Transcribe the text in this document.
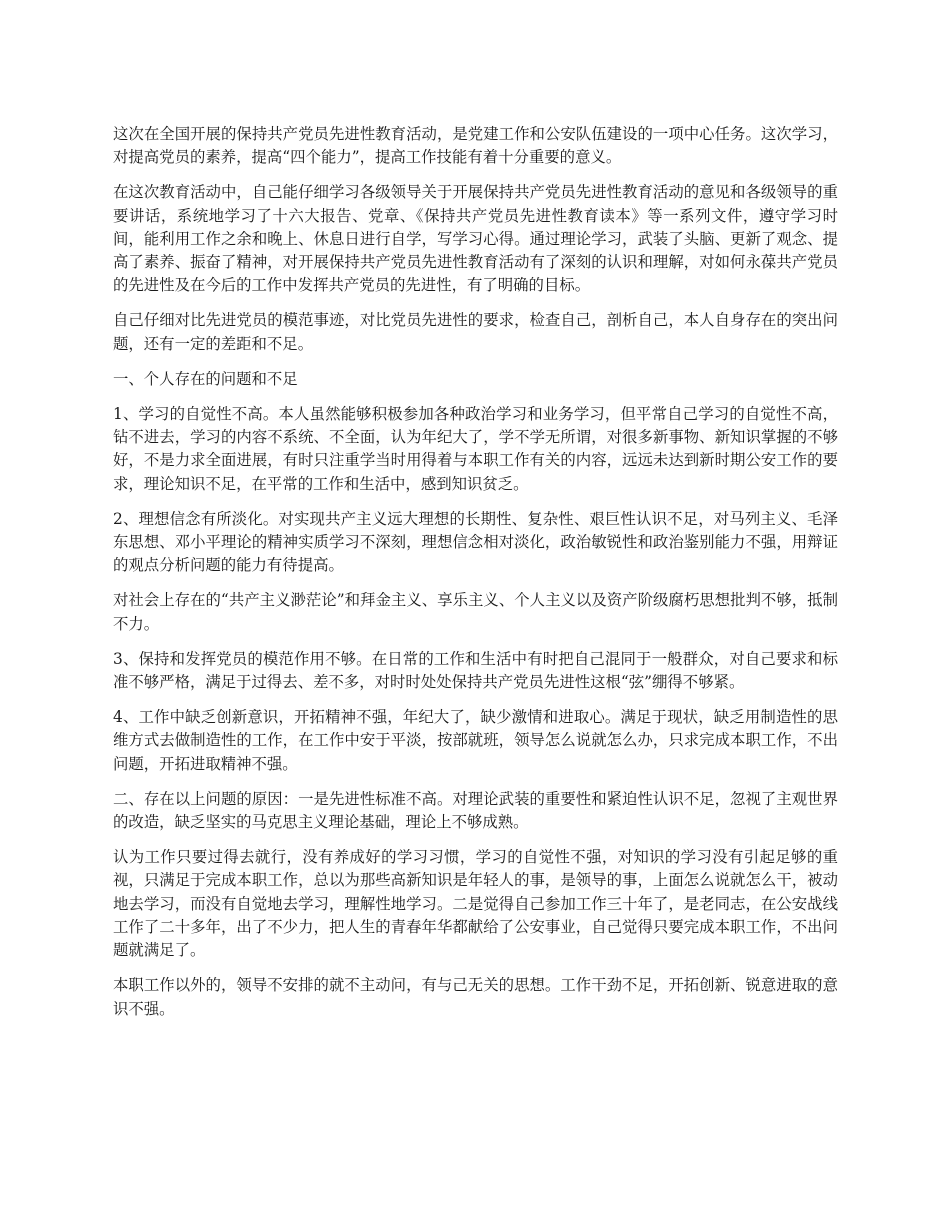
这次在全国开展的保持共产党员先进性教育活动，是党建工作和公安队伍建设的一项中心任务。这次学习，对提高党员的素养，提高“四个能力”，提高工作技能有着十分重要的意义。

在这次教育活动中，自己能仔细学习各级领导关于开展保持共产党员先进性教育活动的意见和各级领导的重要讲话，系统地学习了十六大报告、党章、《保持共产党员先进性教育读本》等一系列文件，遵守学习时间，能利用工作之余和晚上、休息日进行自学，写学习心得。通过理论学习，武装了头脑、更新了观念、提高了素养、振奋了精神，对开展保持共产党员先进性教育活动有了深刻的认识和理解，对如何永葆共产党员的先进性及在今后的工作中发挥共产党员的先进性，有了明确的目标。

自己仔细对比先进党员的模范事迹，对比党员先进性的要求，检查自己，剖析自己，本人自身存在的突出问题，还有一定的差距和不足。

一、个人存在的问题和不足

1、学习的自觉性不高。本人虽然能够积极参加各种政治学习和业务学习，但平常自己学习的自觉性不高，钻不进去，学习的内容不系统、不全面，认为年纪大了，学不学无所谓，对很多新事物、新知识掌握的不够好，不是力求全面进展，有时只注重学当时用得着与本职工作有关的内容，远远未达到新时期公安工作的要求，理论知识不足，在平常的工作和生活中，感到知识贫乏。

2、理想信念有所淡化。对实现共产主义远大理想的长期性、复杂性、艰巨性认识不足，对马列主义、毛泽东思想、邓小平理论的精神实质学习不深刻，理想信念相对淡化，政治敏锐性和政治鉴别能力不强，用辩证的观点分析问题的能力有待提高。

对社会上存在的“共产主义渺茫论”和拜金主义、享乐主义、个人主义以及资产阶级腐朽思想批判不够，抵制不力。

3、保持和发挥党员的模范作用不够。在日常的工作和生活中有时把自己混同于一般群众，对自己要求和标准不够严格，满足于过得去、差不多，对时时处处保持共产党员先进性这根“弦”绷得不够紧。

4、工作中缺乏创新意识，开拓精神不强，年纪大了，缺少激情和进取心。满足于现状，缺乏用制造性的思维方式去做制造性的工作，在工作中安于平淡，按部就班，领导怎么说就怎么办，只求完成本职工作，不出问题，开拓进取精神不强。

二、存在以上问题的原因：一是先进性标准不高。对理论武装的重要性和紧迫性认识不足，忽视了主观世界的改造，缺乏坚实的马克思主义理论基础，理论上不够成熟。

认为工作只要过得去就行，没有养成好的学习习惯，学习的自觉性不强，对知识的学习没有引起足够的重视，只满足于完成本职工作，总以为那些高新知识是年轻人的事，是领导的事，上面怎么说就怎么干，被动地去学习，而没有自觉地去学习，理解性地学习。二是觉得自己参加工作三十年了，是老同志，在公安战线工作了二十多年，出了不少力，把人生的青春年华都献给了公安事业，自己觉得只要完成本职工作，不出问题就满足了。

本职工作以外的，领导不安排的就不主动问，有与己无关的思想。工作干劲不足，开拓创新、锐意进取的意识不强。
